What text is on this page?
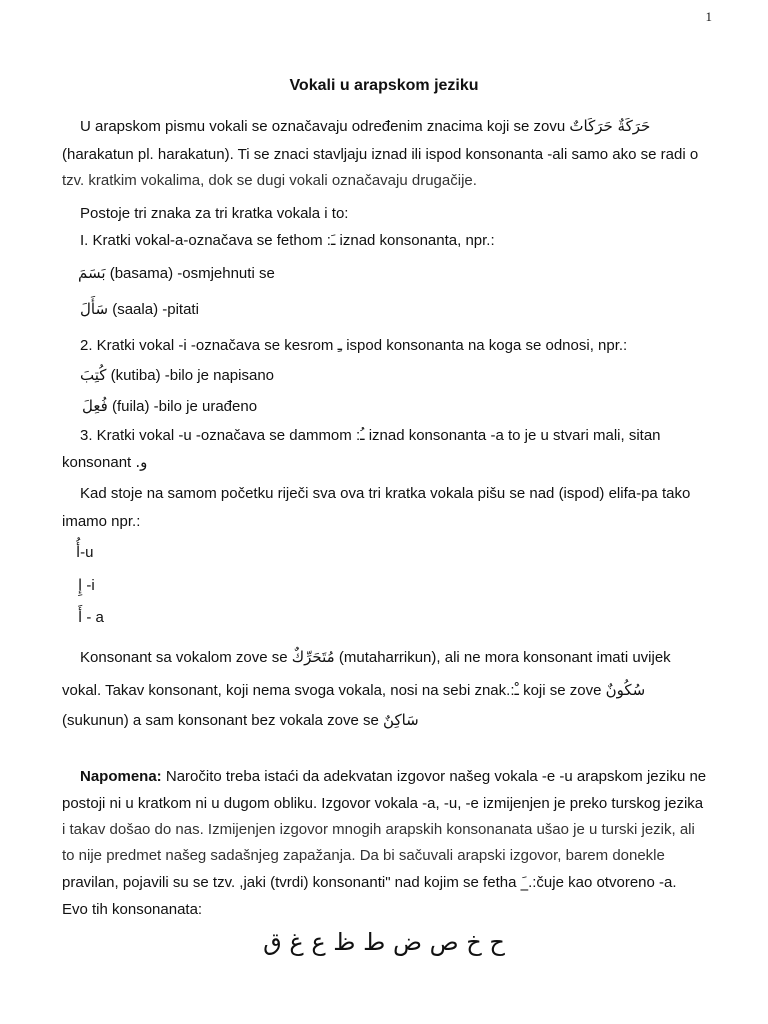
1
Vokali u arapskom jeziku
U arapskom pismu vokali se označavaju određenim znacima koji se zovu حَرَكَةٌ حَرَكَاتٌ
(harakatun pl. harakatun). Ti se znaci stavljaju iznad ili ispod konsonanta -ali samo ako se radi o
tzv. kratkim vokalima, dok se dugi vokali označavaju drugačije.
Postoje tri znaka za tri kratka vokala i to:
I. Kratki vokal-a-označava se fethom :ـَ iznad konsonanta, npr.:
بَسَمَ (basama) -osmjehnuti se
سَأَلَ (saala) -pitati
2. Kratki vokal -i -označava se kesrom ـِ ispod konsonanta na koga se odnosi, npr.:
كُتِبَ (kutiba) -bilo je napisano
فُعِلَ (fuila) -bilo je urađeno
3. Kratki vokal -u -označava se dammom :ـُ iznad konsonanta -a to je u stvari mali, sitan
konsonant و.
Kad stoje na samom početku riječi sva ova tri kratka vokala pišu se nad (ispod) elifa-pa tako
imamo npr.:
أُ-u
إِ -i
أَ - a
Konsonant sa vokalom zove se مُتَحَرِّكٌ (mutaharrikun), ali ne mora konsonant imati uvijek
vokal. Takav konsonant, koji nema svoga vokala, nosi na sebi znak.:ـْ koji se zove سُكُونٌ
(sukunun) a sam konsonant bez vokala zove se سَاكِنٌ
Napomena: Naročito treba istaći da adekvatan izgovor našeg vokala -e -u arapskom jeziku ne
postoji ni u kratkom ni u dugom obliku. Izgovor vokala -a, -u, -e izmijenjen je preko turskog jezika
i takav došao do nas. Izmijenjen izgovor mnogih arapskih konsonanata ušao je u turski jezik, ali
to nije predmet našeg sadašnjeg zapažanja. Da bi sačuvali arapski izgovor, barem donekle
pravilan, pojavili su se tzv. ,jaki (tvrdi) konsonanti" nad kojim se fetha _َ.:čuje kao otvoreno -a.
Evo tih konsonanata:
ح خ ص ض ط ظ ع غ ق
